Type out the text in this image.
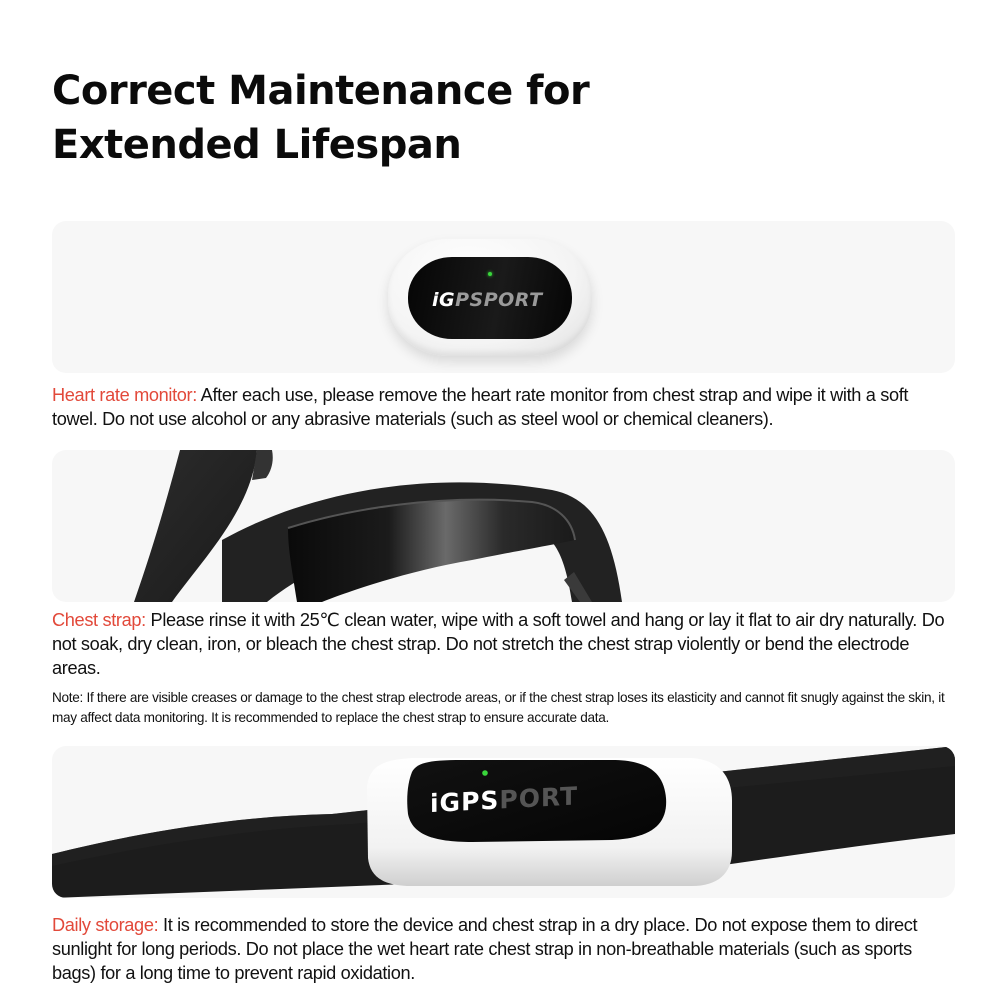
Correct Maintenance for
Extended Lifespan
iGPSPORT

Heart rate monitor: After each use, please remove the heart rate monitor from chest strap and wipe it with a soft towel. Do not use alcohol or any abrasive materials (such as steel wool or chemical cleaners).

Chest strap: Please rinse it with 25℃ clean water, wipe with a soft towel and hang or lay it flat to air dry naturally. Do not soak, dry clean, iron, or bleach the chest strap. Do not stretch the chest strap violently or bend the electrode areas.

Note: If there are visible creases or damage to the chest strap electrode areas, or if the chest strap loses its elasticity and cannot fit snugly against the skin, it may affect data monitoring. It is recommended to replace the chest strap to ensure accurate data.

iGPSPORT

Daily storage: It is recommended to store the device and chest strap in a dry place. Do not expose them to direct sunlight for long periods. Do not place the wet heart rate chest strap in non-breathable materials (such as sports bags) for a long time to prevent rapid oxidation.
